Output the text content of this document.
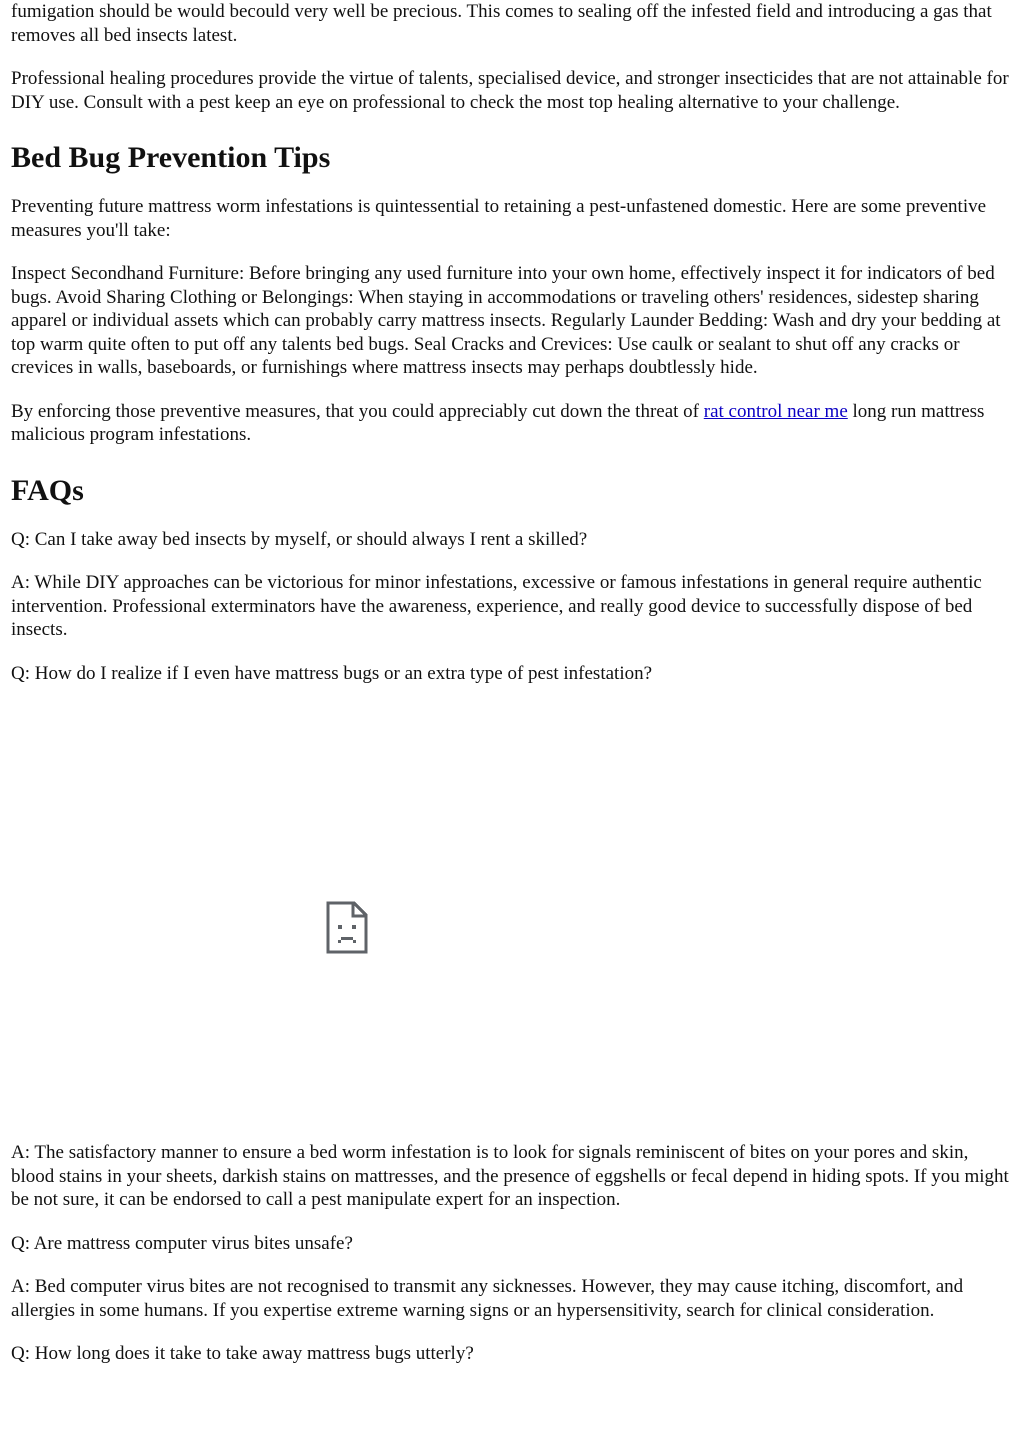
fumigation should be would becould very well be precious. This comes to sealing off the infested field and introducing a gas that removes all bed insects latest.

Professional healing procedures provide the virtue of talents, specialised device, and stronger insecticides that are not attainable for DIY use. Consult with a pest keep an eye on professional to check the most top healing alternative to your challenge.

Bed Bug Prevention Tips

Preventing future mattress worm infestations is quintessential to retaining a pest-unfastened domestic. Here are some preventive measures you'll take:

Inspect Secondhand Furniture: Before bringing any used furniture into your own home, effectively inspect it for indicators of bed bugs. Avoid Sharing Clothing or Belongings: When staying in accommodations or traveling others' residences, sidestep sharing apparel or individual assets which can probably carry mattress insects. Regularly Launder Bedding: Wash and dry your bedding at top warm quite often to put off any talents bed bugs. Seal Cracks and Crevices: Use caulk or sealant to shut off any cracks or crevices in walls, baseboards, or furnishings where mattress insects may perhaps doubtlessly hide.

By enforcing those preventive measures, that you could appreciably cut down the threat of rat control near me long run mattress malicious program infestations.

FAQs

Q: Can I take away bed insects by myself, or should always I rent a skilled?

A: While DIY approaches can be victorious for minor infestations, excessive or famous infestations in general require authentic intervention. Professional exterminators have the awareness, experience, and really good device to successfully dispose of bed insects.

Q: How do I realize if I even have mattress bugs or an extra type of pest infestation?

A: The satisfactory manner to ensure a bed worm infestation is to look for signals reminiscent of bites on your pores and skin, blood stains in your sheets, darkish stains on mattresses, and the presence of eggshells or fecal depend in hiding spots. If you might be not sure, it can be endorsed to call a pest manipulate expert for an inspection.

Q: Are mattress computer virus bites unsafe?

A: Bed computer virus bites are not recognised to transmit any sicknesses. However, they may cause itching, discomfort, and allergies in some humans. If you expertise extreme warning signs or an hypersensitivity, search for clinical consideration.

Q: How long does it take to take away mattress bugs utterly?
